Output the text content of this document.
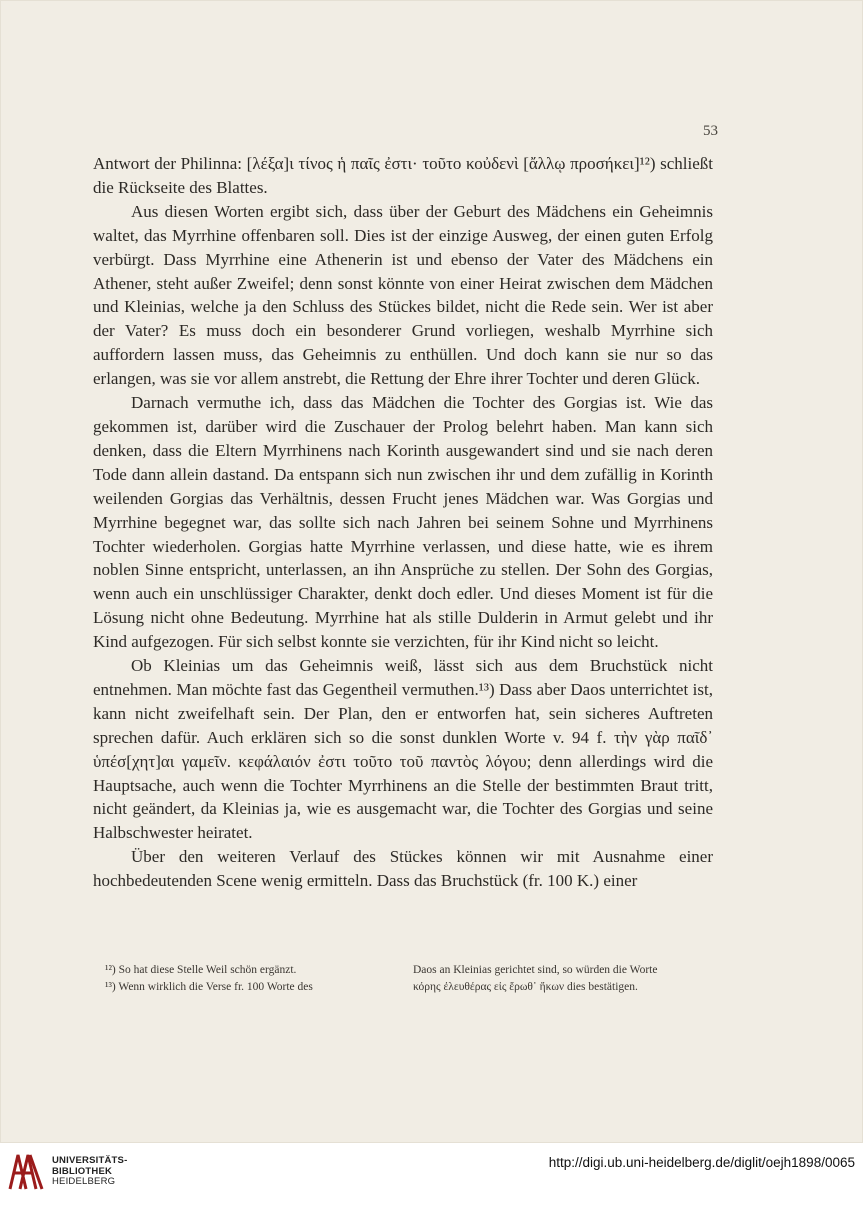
53

Antwort der Philinna: [λέξα]ι τίνος ἡ παῖς ἐστι· τοῦτο κοὐδενὶ [ἄλλῳ προσήκει]¹²) schließt die Rückseite des Blattes.

Aus diesen Worten ergibt sich, dass über der Geburt des Mädchens ein Geheimnis waltet, das Myrrhine offenbaren soll. Dies ist der einzige Ausweg, der einen guten Erfolg verbürgt. Dass Myrrhine eine Athenerin ist und ebenso der Vater des Mädchens ein Athener, steht außer Zweifel; denn sonst könnte von einer Heirat zwischen dem Mädchen und Kleinias, welche ja den Schluss des Stückes bildet, nicht die Rede sein. Wer ist aber der Vater? Es muss doch ein besonderer Grund vorliegen, weshalb Myrrhine sich auffordern lassen muss, das Geheimnis zu enthüllen. Und doch kann sie nur so das erlangen, was sie vor allem anstrebt, die Rettung der Ehre ihrer Tochter und deren Glück.

Darnach vermuthe ich, dass das Mädchen die Tochter des Gorgias ist. Wie das gekommen ist, darüber wird die Zuschauer der Prolog belehrt haben. Man kann sich denken, dass die Eltern Myrrhinens nach Korinth ausgewandert sind und sie nach deren Tode dann allein dastand. Da entspann sich nun zwischen ihr und dem zufällig in Korinth weilenden Gorgias das Verhältnis, dessen Frucht jenes Mädchen war. Was Gorgias und Myrrhine begegnet war, das sollte sich nach Jahren bei seinem Sohne und Myrrhinens Tochter wiederholen. Gorgias hatte Myrrhine verlassen, und diese hatte, wie es ihrem noblen Sinne entspricht, unterlassen, an ihn Ansprüche zu stellen. Der Sohn des Gorgias, wenn auch ein unschlüssiger Charakter, denkt doch edler. Und dieses Moment ist für die Lösung nicht ohne Bedeutung. Myrrhine hat als stille Dulderin in Armut gelebt und ihr Kind aufgezogen. Für sich selbst konnte sie verzichten, für ihr Kind nicht so leicht.

Ob Kleinias um das Geheimnis weiß, lässt sich aus dem Bruchstück nicht entnehmen. Man möchte fast das Gegentheil vermuthen.¹³) Dass aber Daos unterrichtet ist, kann nicht zweifelhaft sein. Der Plan, den er entworfen hat, sein sicheres Auftreten sprechen dafür. Auch erklären sich so die sonst dunklen Worte v. 94 f. τὴν γὰρ παῖδ᾿ ὑπέσ[χητ]αι γαμεῖν. κεφάλαιόν ἐστι τοῦτο τοῦ παντὸς λόγου; denn allerdings wird die Hauptsache, auch wenn die Tochter Myrrhinens an die Stelle der bestimmten Braut tritt, nicht geändert, da Kleinias ja, wie es ausgemacht war, die Tochter des Gorgias und seine Halbschwester heiratet.

Über den weiteren Verlauf des Stückes können wir mit Ausnahme einer hochbedeutenden Scene wenig ermitteln. Dass das Bruchstück (fr. 100 K.) einer

¹²) So hat diese Stelle Weil schön ergänzt.
¹³) Wenn wirklich die Verse fr. 100 Worte des
Daos an Kleinias gerichtet sind, so würden die Worte
κόρης ἐλευθέρας εἰς ἔρωθ᾿ ἥκων dies bestätigen.
UNIVERSITÄTS-
BIBLIOTHEK
HEIDELBERG
http://digi.ub.uni-heidelberg.de/diglit/oejh1898/0065
